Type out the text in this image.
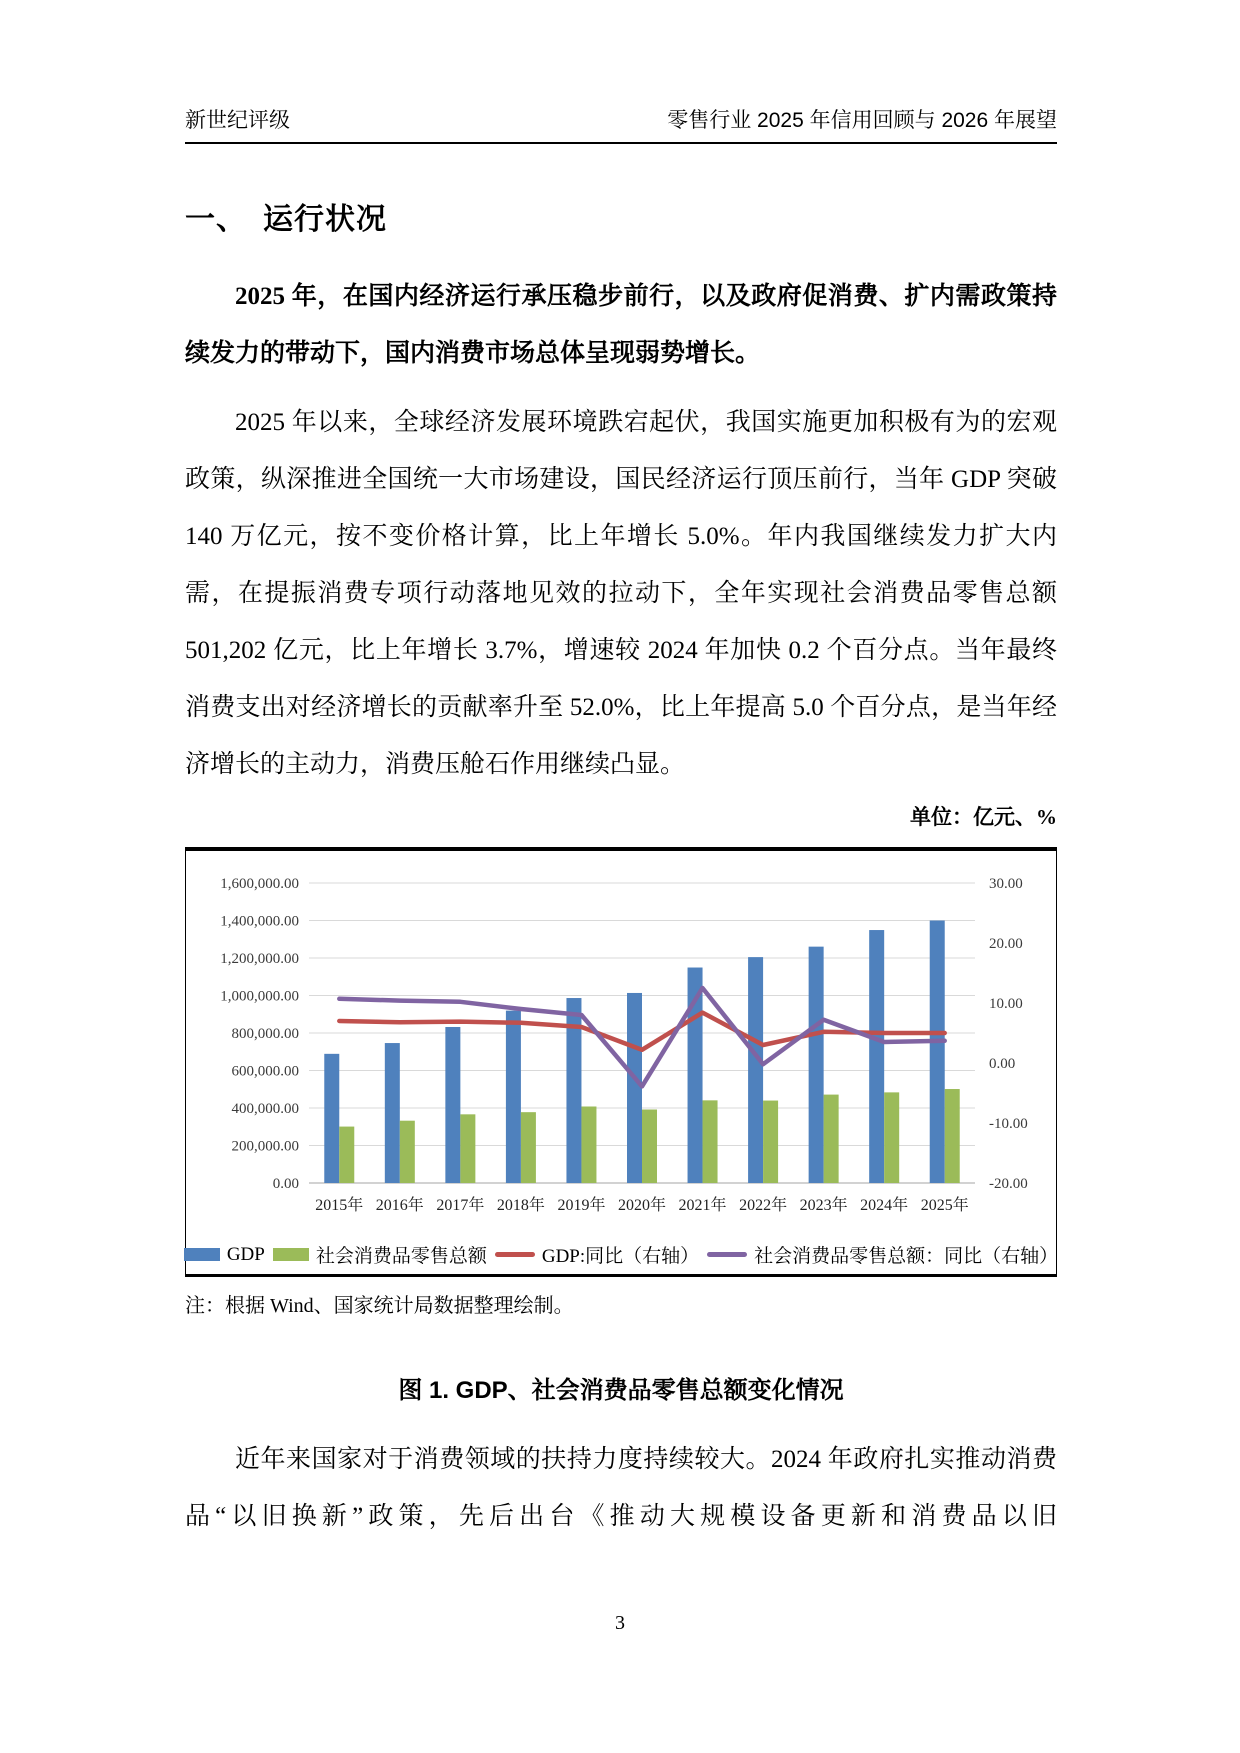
新世纪评级	零售行业 2025 年信用回顾与 2026 年展望
一、　运行状况

2025 年，在国内经济运行承压稳步前行，以及政府促消费、扩内需政策持续发力的带动下，国内消费市场总体呈现弱势增长。

2025 年以来，全球经济发展环境跌宕起伏，我国实施更加积极有为的宏观政策，纵深推进全国统一大市场建设，国民经济运行顶压前行，当年 GDP 突破 140 万亿元，按不变价格计算，比上年增长 5.0%。年内我国继续发力扩大内需，在提振消费专项行动落地见效的拉动下，全年实现社会消费品零售总额 501,202 亿元，比上年增长 3.7%，增速较 2024 年加快 0.2 个百分点。当年最终消费支出对经济增长的贡献率升至 52.0%，比上年提高 5.0 个百分点，是当年经济增长的主动力，消费压舱石作用继续凸显。

单位：亿元、%
0.00
200,000.00
400,000.00
600,000.00
800,000.00
1,000,000.00
1,200,000.00
1,400,000.00
1,600,000.00
-20.00
-10.00
0.00
10.00
20.00
30.00
2015年 2016年 2017年 2018年 2019年 2020年 2021年 2022年 2023年 2024年 2025年
GDP	社会消费品零售总额	GDP:同比（右轴）	社会消费品零售总额：同比（右轴）

注：根据 Wind、国家统计局数据整理绘制。

图 1. GDP、社会消费品零售总额变化情况

近年来国家对于消费领域的扶持力度持续较大。2024 年政府扎实推动消费品“以旧换新”政策，先后出台《推动大规模设备更新和消费品以旧

3
